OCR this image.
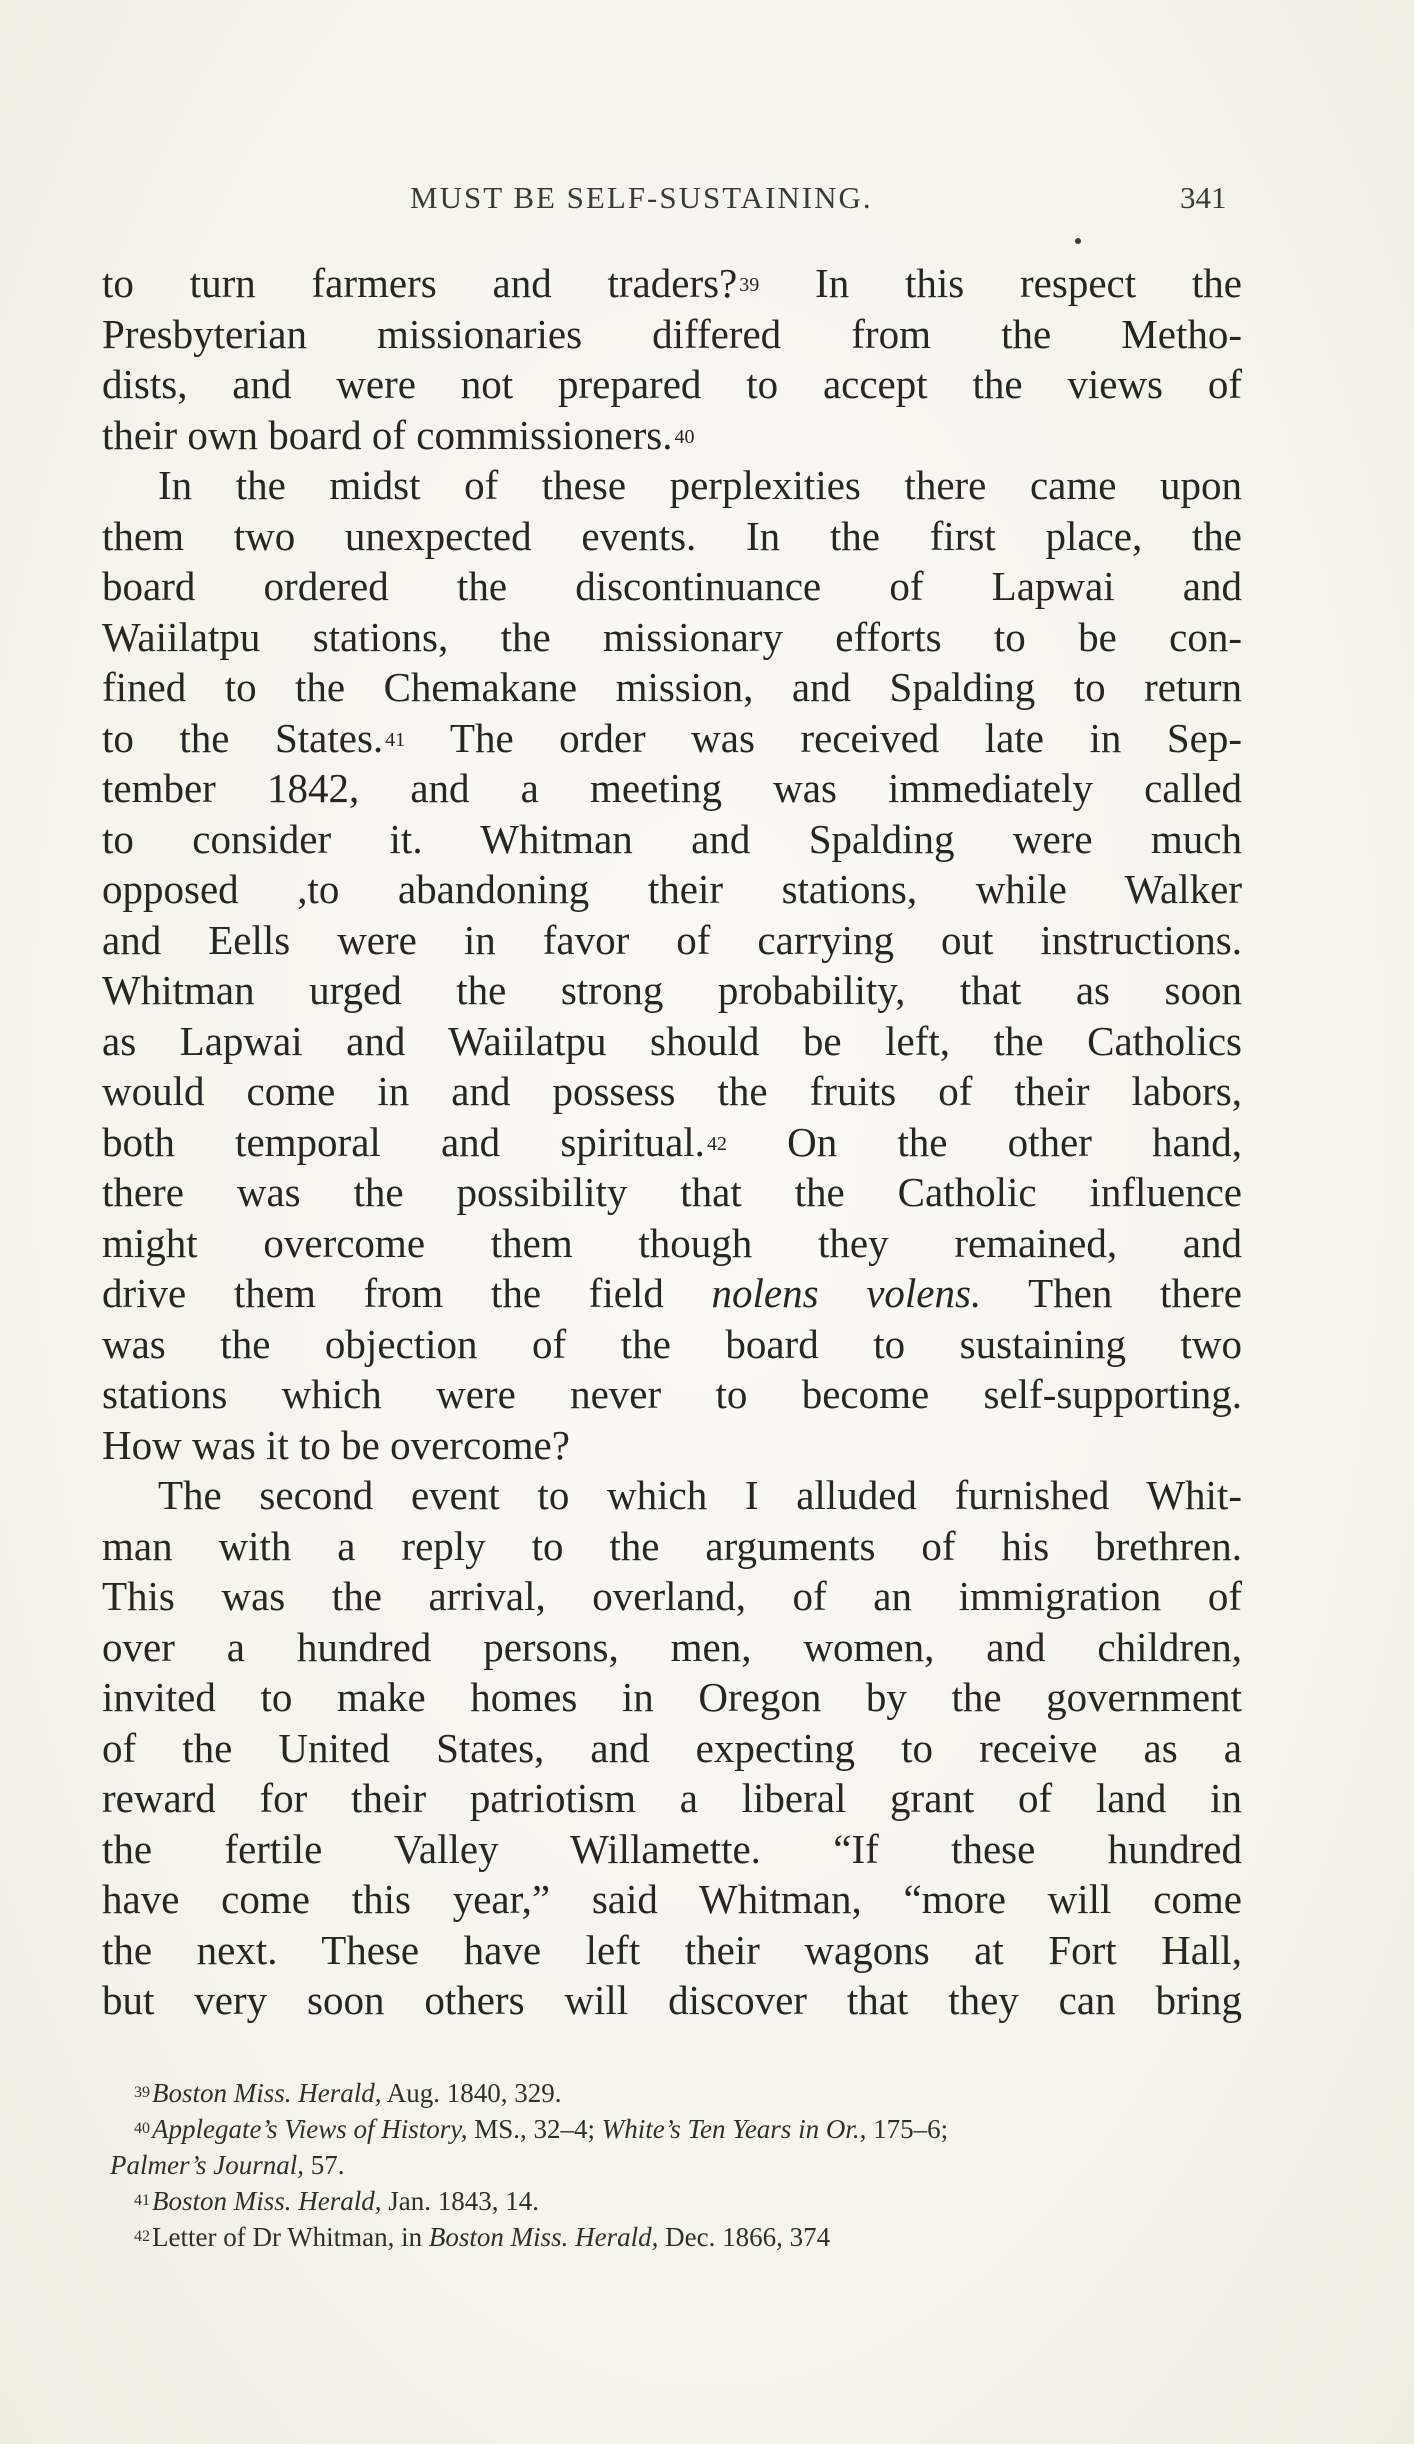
MUST BE SELF-SUSTAINING.	341
to turn farmers and traders? $^{39}$ In this respect the
Presbyterian missionaries differed from the Metho-
dists, and were not prepared to accept the views of
their own board of commissioners. $^{40}$
In the midst of these perplexities there came upon
them two unexpected events. In the first place, the
board ordered the discontinuance of Lapwai and
Waiilatpu stations, the missionary efforts to be con-
fined to the Chemakane mission, and Spalding to return
to the States. $^{41}$ The order was received late in Sep-
tember 1842, and a meeting was immediately called
to consider it. Whitman and Spalding were much
opposed ,to abandoning their stations, while Walker
and Eells were in favor of carrying out instructions.
Whitman urged the strong probability, that as soon
as Lapwai and Waiilatpu should be left, the Catholics
would come in and possess the fruits of their labors,
both temporal and spiritual. $^{42}$ On the other hand,
there was the possibility that the Catholic influence
might overcome them though they remained, and
drive them from the field nolens volens. Then there
was the objection of the board to sustaining two
stations which were never to become self-supporting.
How was it to be overcome?
The second event to which I alluded furnished Whit-
man with a reply to the arguments of his brethren.
This was the arrival, overland, of an immigration of
over a hundred persons, men, women, and children,
invited to make homes in Oregon by the government
of the United States, and expecting to receive as a
reward for their patriotism a liberal grant of land in
the fertile Valley Willamette. “If these hundred
have come this year,” said Whitman, “more will come
the next. These have left their wagons at Fort Hall,
but very soon others will discover that they can bring
$^{39}$Boston Miss. Herald, Aug. 1840, 329.
$^{40}$Applegate’s Views of History, MS., 32–4; White’s Ten Years in Or., 175–6;
Palmer’s Journal, 57.
$^{41}$Boston Miss. Herald, Jan. 1843, 14.
$^{42}$Letter of Dr Whitman, in Boston Miss. Herald, Dec. 1866, 374
